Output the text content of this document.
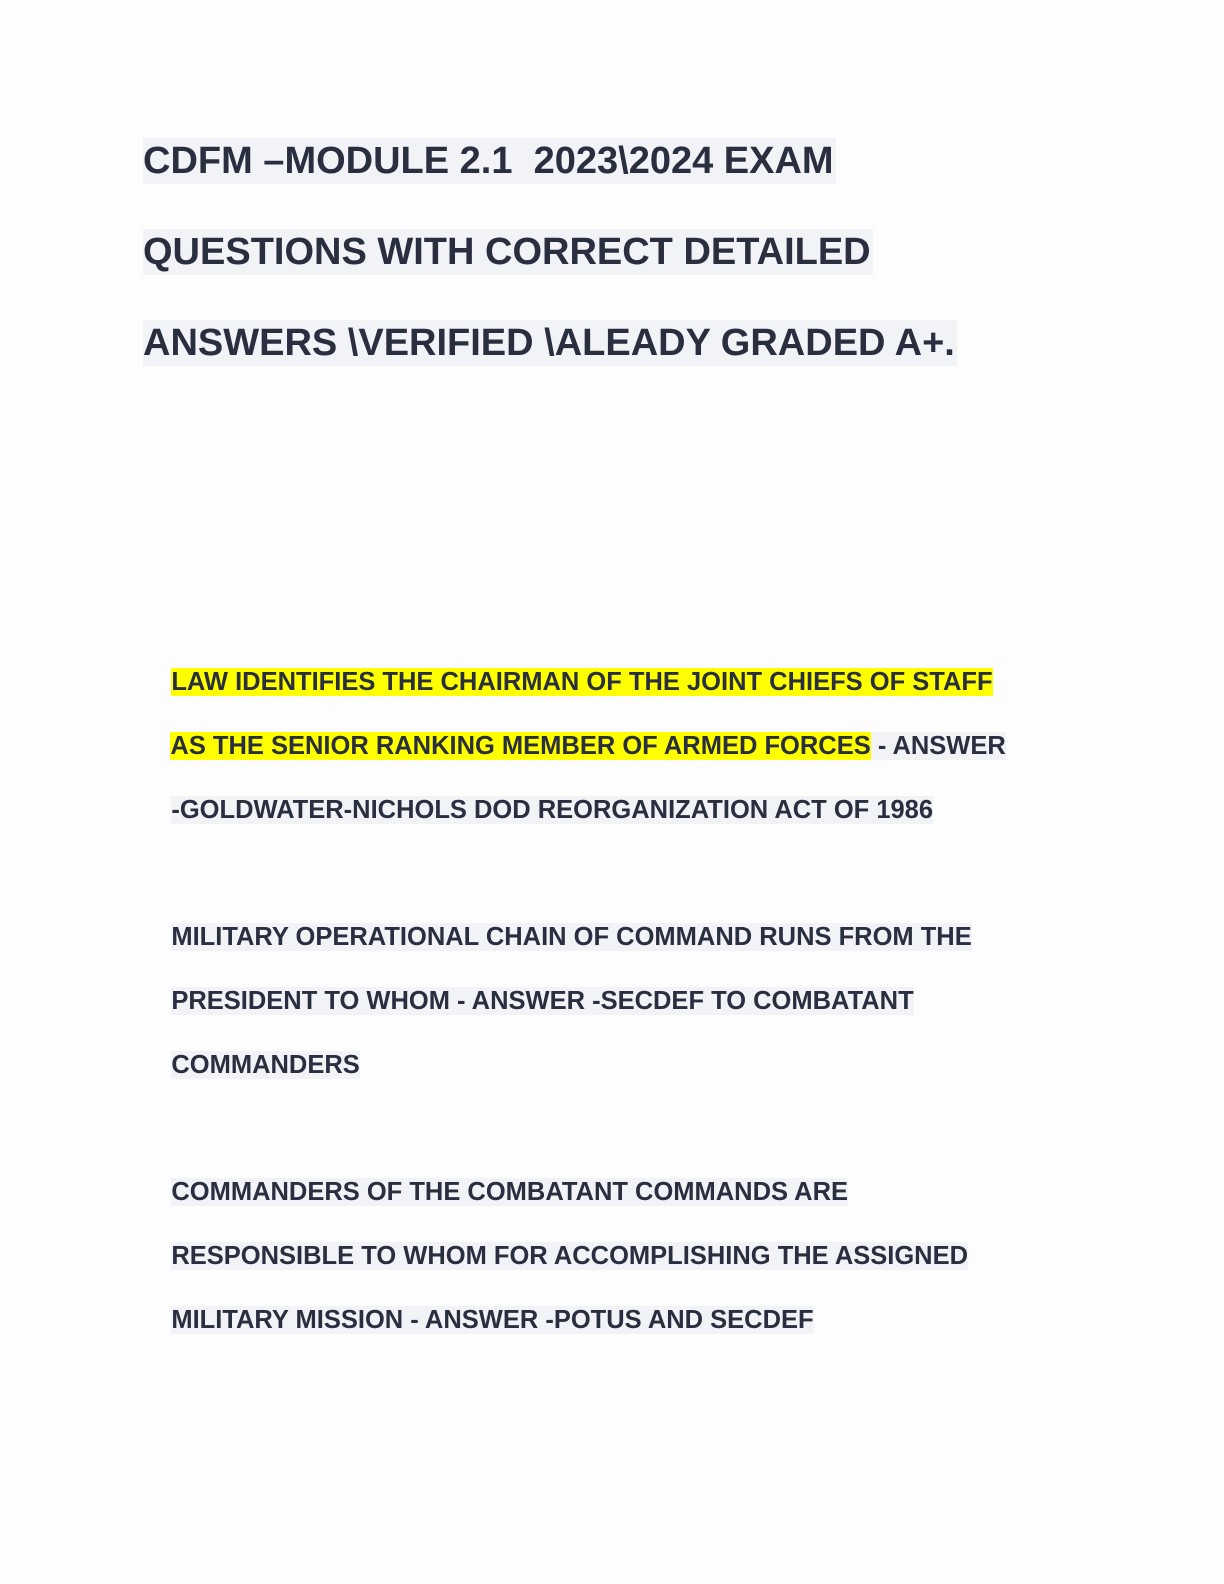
CDFM –MODULE 2.1  2023\2024 EXAM
QUESTIONS WITH CORRECT DETAILED
ANSWERS \VERIFIED \ALEADY GRADED A+.

LAW IDENTIFIES THE CHAIRMAN OF THE JOINT CHIEFS OF STAFF

AS THE SENIOR RANKING MEMBER OF ARMED FORCES - ANSWER

-GOLDWATER-NICHOLS DOD REORGANIZATION ACT OF 1986

MILITARY OPERATIONAL CHAIN OF COMMAND RUNS FROM THE

PRESIDENT TO WHOM - ANSWER -SECDEF TO COMBATANT

COMMANDERS

COMMANDERS OF THE COMBATANT COMMANDS ARE

RESPONSIBLE TO WHOM FOR ACCOMPLISHING THE ASSIGNED

MILITARY MISSION - ANSWER -POTUS AND SECDEF
